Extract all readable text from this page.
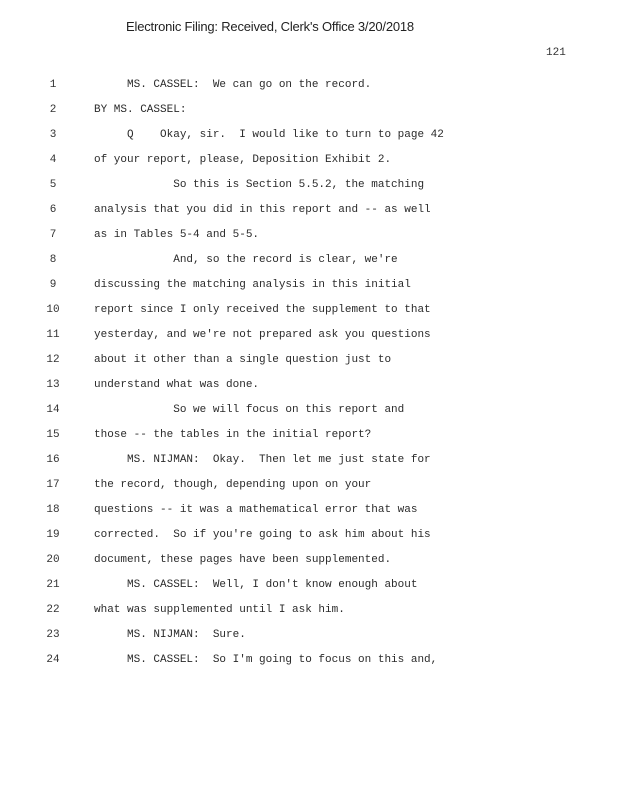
Electronic Filing: Received, Clerk's Office 3/20/2018
121
1	MS. CASSEL:  We can go on the record.
2	BY MS. CASSEL:
3	Q    Okay, sir.  I would like to turn to page 42
4	of your report, please, Deposition Exhibit 2.
5	So this is Section 5.5.2, the matching
6	analysis that you did in this report and -- as well
7	as in Tables 5-4 and 5-5.
8	And, so the record is clear, we're
9	discussing the matching analysis in this initial
10	report since I only received the supplement to that
11	yesterday, and we're not prepared ask you questions
12	about it other than a single question just to
13	understand what was done.
14	So we will focus on this report and
15	those -- the tables in the initial report?
16	MS. NIJMAN:  Okay.  Then let me just state for
17	the record, though, depending upon on your
18	questions -- it was a mathematical error that was
19	corrected.  So if you're going to ask him about his
20	document, these pages have been supplemented.
21	MS. CASSEL:  Well, I don't know enough about
22	what was supplemented until I ask him.
23	MS. NIJMAN:  Sure.
24	MS. CASSEL:  So I'm going to focus on this and,
